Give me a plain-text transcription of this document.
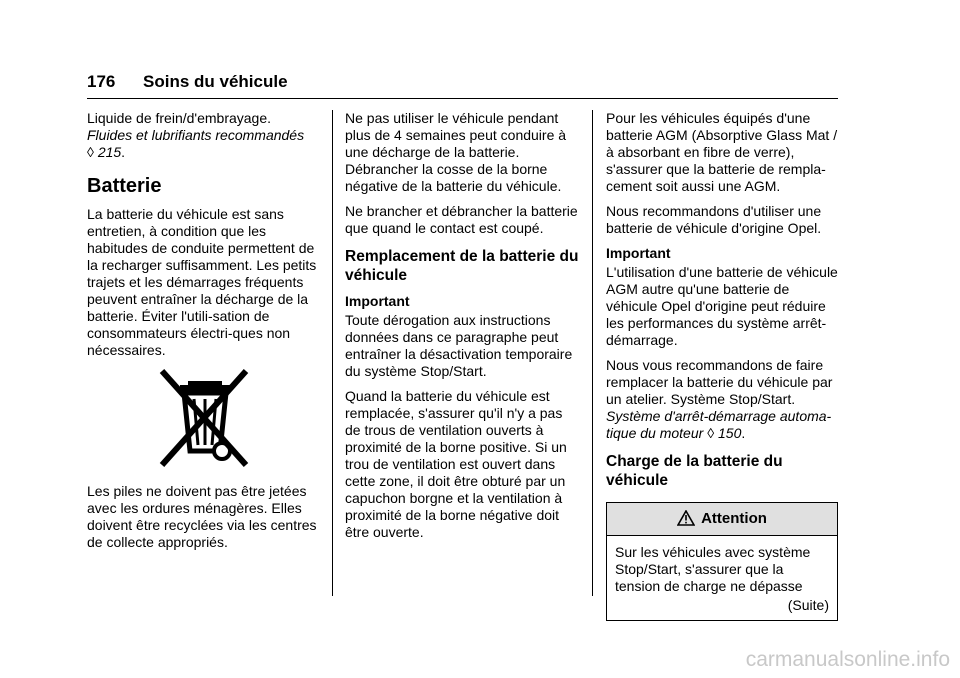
176 Soins du véhicule

Liquide de frein/d'embrayage.
Fluides et lubrifiants recommandés
◊ 215.

Batterie

La batterie du véhicule est sans entretien, à condition que les habitudes de conduite permettent de la recharger suffisamment. Les petits trajets et les démarrages fréquents peuvent entraîner la décharge de la batterie. Éviter l'utili-sation de consommateurs électri-ques non nécessaires.

Les piles ne doivent pas être jetées avec les ordures ménagères. Elles doivent être recyclées via les centres de collecte appropriés.

Ne pas utiliser le véhicule pendant plus de 4 semaines peut conduire à une décharge de la batterie. Débrancher la cosse de la borne négative de la batterie du véhicule.

Ne brancher et débrancher la batterie que quand le contact est coupé.

Remplacement de la batterie du véhicule

Important

Toute dérogation aux instructions données dans ce paragraphe peut entraîner la désactivation temporaire du système Stop/Start.

Quand la batterie du véhicule est remplacée, s'assurer qu'il n'y a pas de trous de ventilation ouverts à proximité de la borne positive. Si un trou de ventilation est ouvert dans cette zone, il doit être obturé par un capuchon borgne et la ventilation à proximité de la borne négative doit être ouverte.

Pour les véhicules équipés d'une batterie AGM (Absorptive Glass Mat / à absorbant en fibre de verre), s'assurer que la batterie de rempla-cement soit aussi une AGM.

Nous recommandons d'utiliser une batterie de véhicule d'origine Opel.

Important

L'utilisation d'une batterie de véhicule AGM autre qu'une batterie de véhicule Opel d'origine peut réduire les performances du système arrêt-démarrage.

Nous vous recommandons de faire remplacer la batterie du véhicule par un atelier. Système Stop/Start. Système d'arrêt-démarrage automa-tique du moteur ◊ 150.

Charge de la batterie du véhicule
Attention

Sur les véhicules avec système Stop/Start, s'assurer que la tension de charge ne dépasse

(Suite)

carmanualsonline.info
